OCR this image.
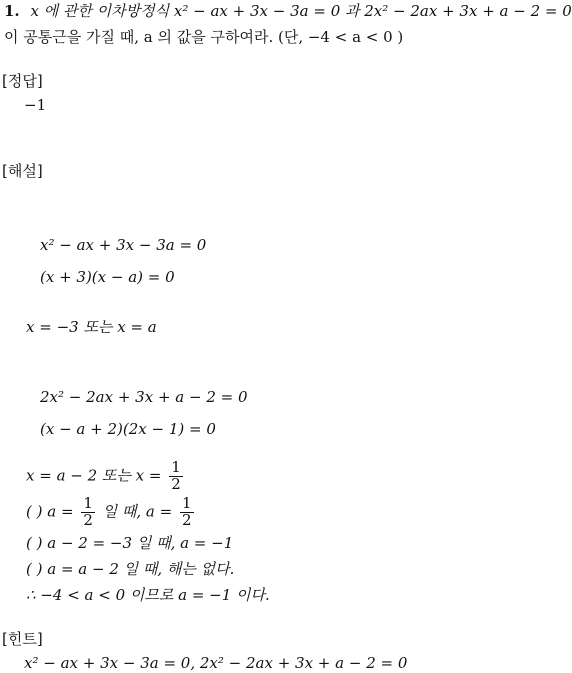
1. x 에 관한 이차방정식 x² − ax + 3x − 3a = 0 과 2x² − 2ax + 3x + a − 2 = 0
이 공통근을 가질 때, a 의 값을 구하여라. (단, −4 < a < 0 )
[정답]
−1
[해설]
x² − ax + 3x − 3a = 0
(x + 3)(x − a) = 0
x = −3 또는 x = a
2x² − 2ax + 3x + a − 2 = 0
(x − a + 2)(2x − 1) = 0
x = a − 2 또는 $x = \frac{1}{2}$
( ) $a = \frac{1}{2}$ 일 때, $a = \frac{1}{2}$
( ) a − 2 = −3 일 때, a = −1
( ) a = a − 2 일 때, 해는 없다.
∴ −4 < a < 0 이므로 a = −1 이다.
[힌트]
x² − ax + 3x − 3a = 0, 2x² − 2ax + 3x + a − 2 = 0
